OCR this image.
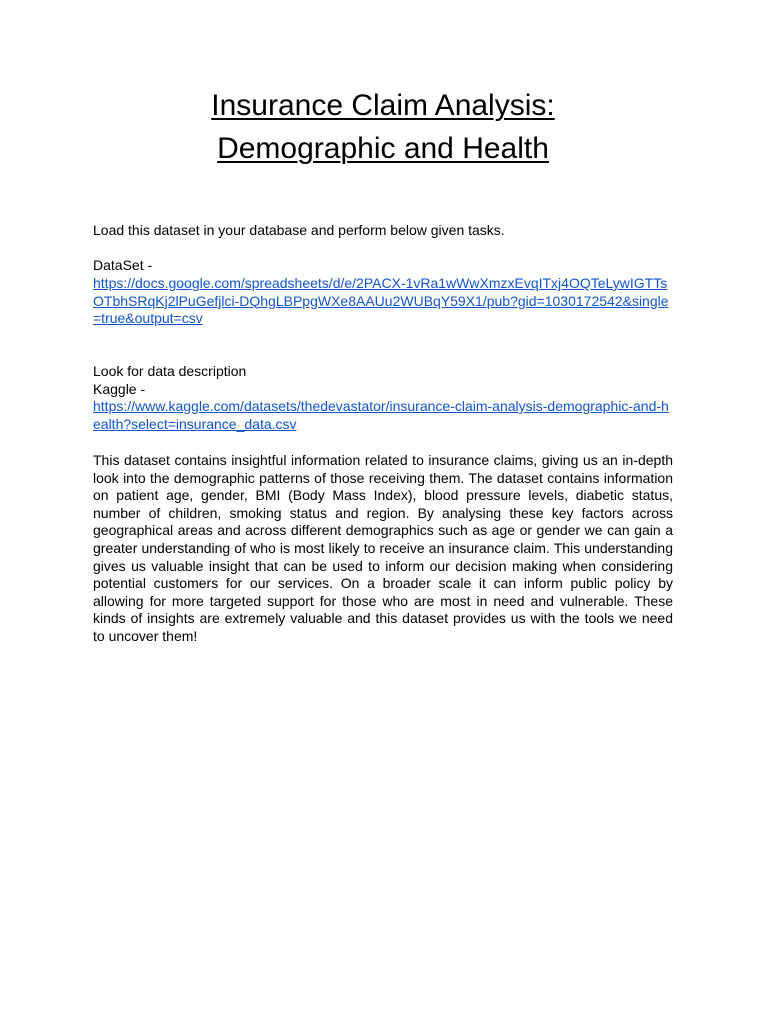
Insurance Claim Analysis:
Demographic and Health

Load this dataset in your database and perform below given tasks.

DataSet -

https://docs.google.com/spreadsheets/d/e/2PACX-1vRa1wWwXmzxEvqITxj4OQTeLywIGTTsOTbhSRqKj2lPuGefjlci-DQhgLBPpgWXe8AAUu2WUBqY59X1/pub?gid=1030172542&single=true&output=csv

Look for data description

Kaggle -

https://www.kaggle.com/datasets/thedevastator/insurance-claim-analysis-demographic-and-health?select=insurance_data.csv

This dataset contains insightful information related to insurance claims, giving us an in-depth look into the demographic patterns of those receiving them. The dataset contains information on patient age, gender, BMI (Body Mass Index), blood pressure levels, diabetic status, number of children, smoking status and region. By analysing these key factors across geographical areas and across different demographics such as age or gender we can gain a greater understanding of who is most likely to receive an insurance claim. This understanding gives us valuable insight that can be used to inform our decision making when considering potential customers for our services. On a broader scale it can inform public policy by allowing for more targeted support for those who are most in need and vulnerable. These kinds of insights are extremely valuable and this dataset provides us with the tools we need to uncover them!
